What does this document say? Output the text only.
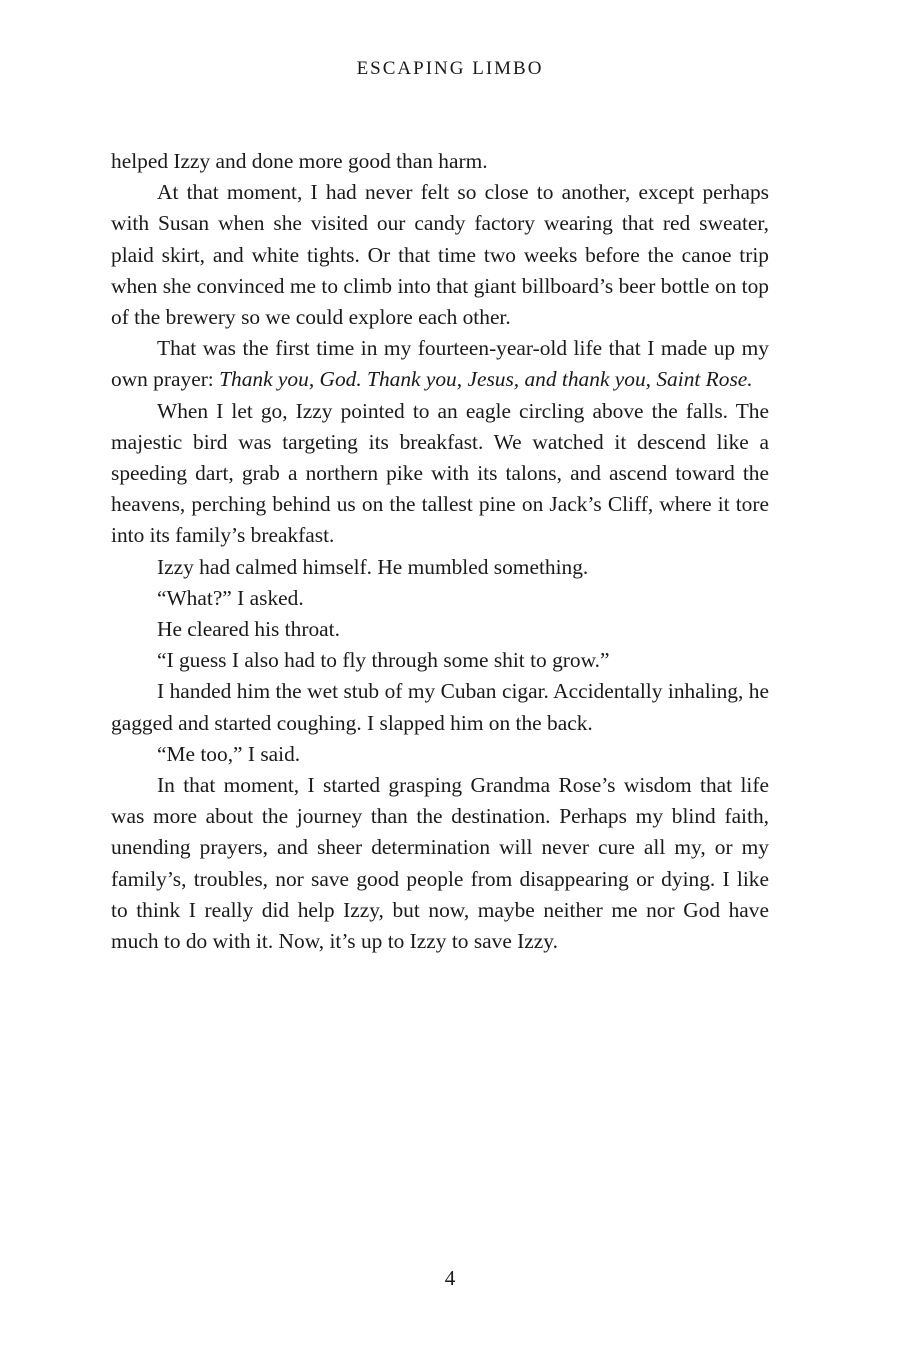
ESCAPING LIMBO

helped Izzy and done more good than harm.

At that moment, I had never felt so close to another, except perhaps with Susan when she visited our candy factory wearing that red sweater, plaid skirt, and white tights. Or that time two weeks before the canoe trip when she convinced me to climb into that giant billboard’s beer bottle on top of the brewery so we could explore each other.

That was the first time in my fourteen-year-old life that I made up my own prayer: Thank you, God. Thank you, Jesus, and thank you, Saint Rose.

When I let go, Izzy pointed to an eagle circling above the falls. The majestic bird was targeting its breakfast. We watched it descend like a speeding dart, grab a northern pike with its talons, and ascend toward the heavens, perching behind us on the tallest pine on Jack’s Cliff, where it tore into its family’s breakfast.

Izzy had calmed himself. He mumbled something.

“What?” I asked.

He cleared his throat.

“I guess I also had to fly through some shit to grow.”

I handed him the wet stub of my Cuban cigar. Accidentally inhaling, he gagged and started coughing. I slapped him on the back.

“Me too,” I said.

In that moment, I started grasping Grandma Rose’s wisdom that life was more about the journey than the destination. Perhaps my blind faith, unending prayers, and sheer determination will never cure all my, or my family’s, troubles, nor save good people from disappearing or dying. I like to think I really did help Izzy, but now, maybe neither me nor God have much to do with it. Now, it’s up to Izzy to save Izzy.

4
